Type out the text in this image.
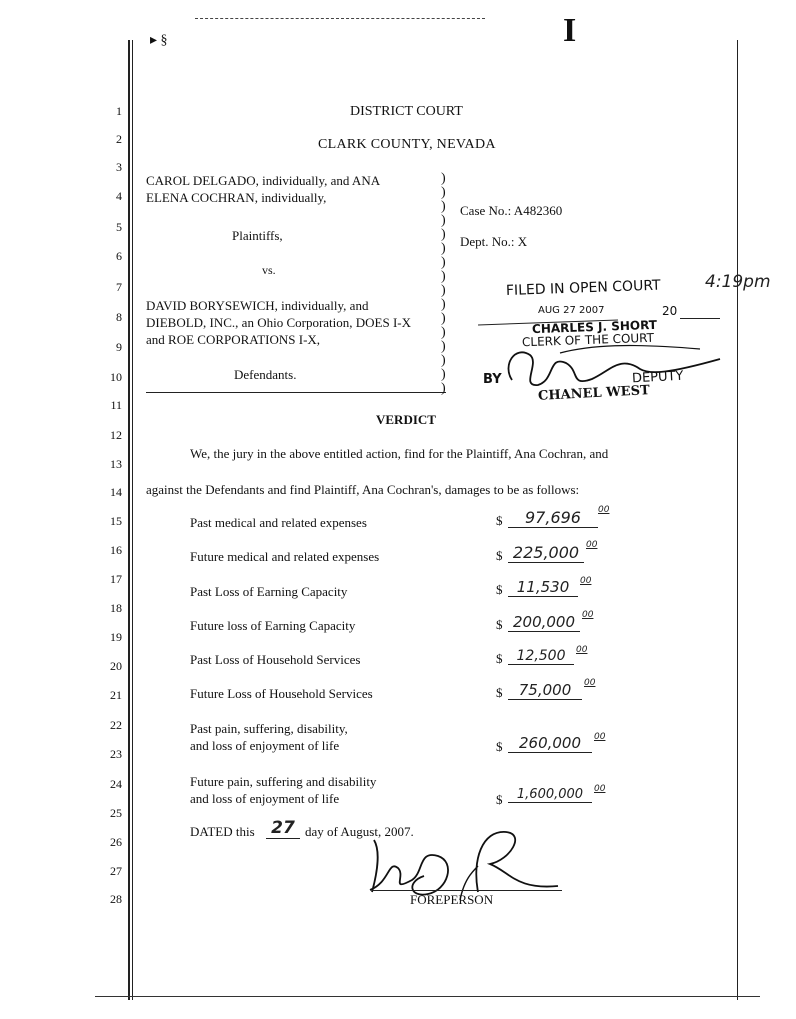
▸ §	I
1
2
3
4
5
6
7
8
9
10
11
12
13
14
15
16
17
18
19
20
21
22
23
24
25
26
27
28
DISTRICT COURT
CLARK COUNTY, NEVADA
CAROL DELGADO, individually, and ANA
ELENA COCHRAN, individually,
Plaintiffs,
vs.
DAVID BORYSEWICH, individually, and
DIEBOLD, INC., an Ohio Corporation, DOES I-X
and ROE CORPORATIONS I-X,
Defendants.
)
)
)
)
)
)
)
)
)
)
)
)
)
)
)
)
Case No.: A482360
Dept. No.: X
FILED IN OPEN COURT	4:19pm
AUG 27 2007	20
CHARLES J. SHORT
CLERK OF THE COURT
BY
CHANEL WEST
DEPUTY
VERDICT
We, the jury in the above entitled action, find for the Plaintiff, Ana Cochran, and
against the Defendants and find Plaintiff, Ana Cochran's, damages to be as follows:
Past medical and related expenses	$	97,696	00
Future medical and related expenses	$ 225,000 00
Past Loss of Earning Capacity	$ 11,530	00
Future loss of Earning Capacity	$ 200,000 00
Past Loss of Household Services	$	12,500	00
Future Loss of Household Services	$	75,000	00
Past pain, suffering, disability,
and loss of enjoyment of life	$	260,000	00
Future pain, suffering and disability
and loss of enjoyment of life	$	1,600,000	00
DATED this 27 day of August, 2007.
FOREPERSON
